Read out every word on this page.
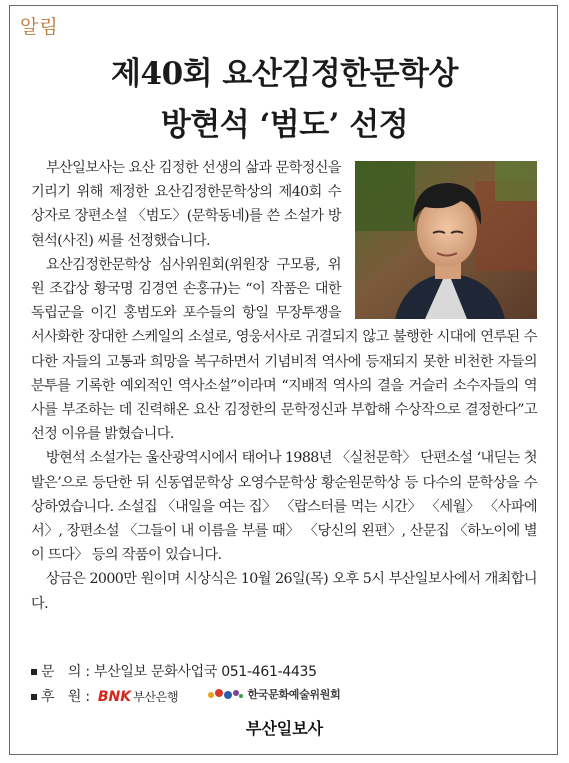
알림
제40회 요산김정한문학상
방현석 ‘범도’ 선정

부산일보사는 요산 김정한 선생의 삶과 문학정신을 기리기 위해 제정한 요산김정한문학상의 제40회 수상자로 장편소설 〈범도〉(문학동네)를 쓴 소설가 방현석(사진) 씨를 선정했습니다.

요산김정한문학상 심사위원회(위원장 구모룡, 위원 조갑상 황국명 김경연 손홍규)는 “이 작품은 대한독립군을 이긴 홍범도와 포수들의 항일 무장투쟁을 서사화한 장대한 스케일의 소설로, 영웅서사로 귀결되지 않고 불행한 시대에 연루된 수다한 자들의 고통과 희망을 복구하면서 기념비적 역사에 등재되지 못한 비천한 자들의 분투를 기록한 예외적인 역사소설”이라며 “지배적 역사의 결을 거슬러 소수자들의 역사를 부조하는 데 진력해온 요산 김정한의 문학정신과 부합해 수상작으로 결정한다”고 선정 이유를 밝혔습니다.

방현석 소설가는 울산광역시에서 태어나 1988년 〈실천문학〉 단편소설 ‘내딛는 첫 발은’으로 등단한 뒤 신동엽문학상 오영수문학상 황순원문학상 등 다수의 문학상을 수상하였습니다. 소설집 〈내일을 여는 집〉 〈랍스터를 먹는 시간〉 〈세월〉 〈사파에서〉, 장편소설 〈그들이 내 이름을 부를 때〉 〈당신의 왼편〉, 산문집 〈하노이에 별이 뜨다〉 등의 작품이 있습니다.

상금은 2000만 원이며 시상식은 10월 26일(목) 오후 5시 부산일보사에서 개최합니다.

문　의 : 부산일보 문화사업국 051-461-4435
후　원 : BNK 부산은행	한국문화예술위원회
부산일보사
